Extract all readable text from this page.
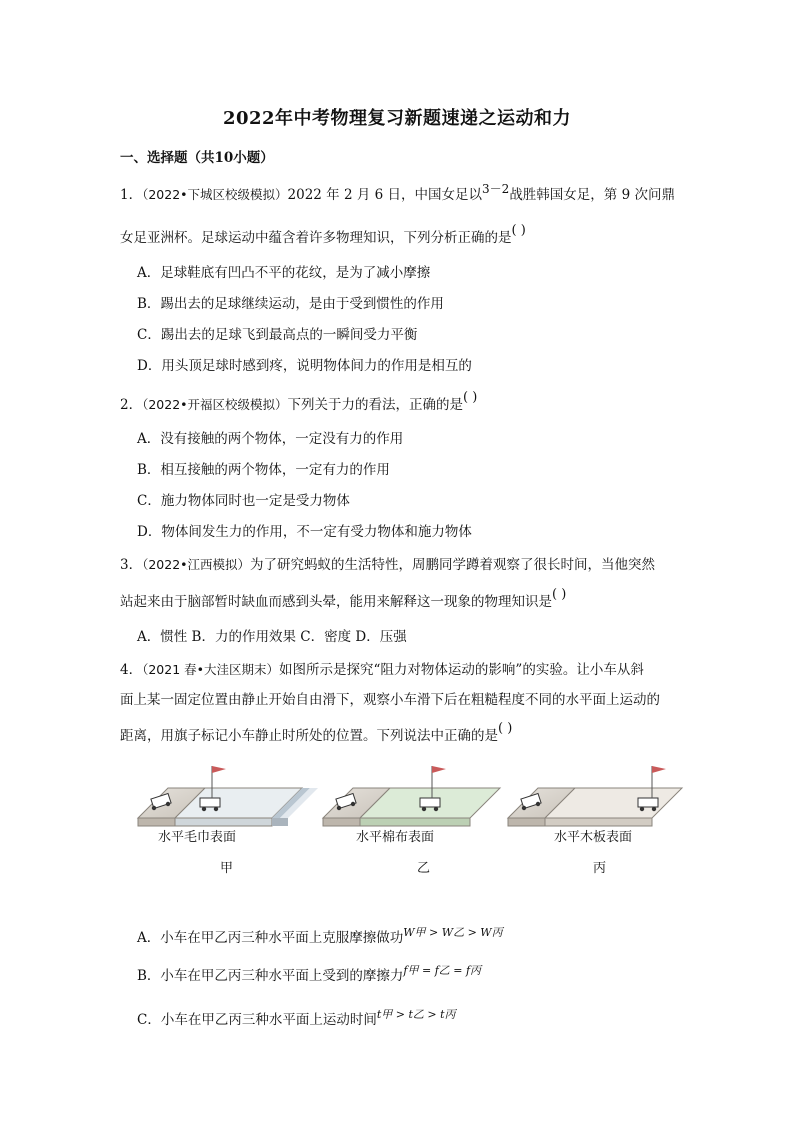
2022年中考物理复习新题速递之运动和力
一、选择题（共10小题）
1．（2022•下城区校级模拟）2022 年 2 月 6 日，中国女足以3－2战胜韩国女足，第 9 次问鼎
女足亚洲杯。足球运动中蕴含着许多物理知识，下列分析正确的是( )
A．足球鞋底有凹凸不平的花纹，是为了减小摩擦
B．踢出去的足球继续运动，是由于受到惯性的作用
C．踢出去的足球飞到最高点的一瞬间受力平衡
D．用头顶足球时感到疼，说明物体间力的作用是相互的
2．（2022•开福区校级模拟）下列关于力的看法，正确的是( )
A．没有接触的两个物体，一定没有力的作用
B．相互接触的两个物体，一定有力的作用
C．施力物体同时也一定是受力物体
D．物体间发生力的作用，不一定有受力物体和施力物体
3．（2022•江西模拟）为了研究蚂蚁的生活特性，周鹏同学蹲着观察了很长时间，当他突然
站起来由于脑部暂时缺血而感到头晕，能用来解释这一现象的物理知识是( )
A．惯性 B．力的作用效果 C．密度 D．压强
4．（2021 春•大洼区期末）如图所示是探究“阻力对物体运动的影响”的实验。让小车从斜
面上某一固定位置由静止开始自由滑下，观察小车滑下后在粗糙程度不同的水平面上运动的
距离，用旗子标记小车静止时所处的位置。下列说法中正确的是( )
水平毛巾表面	水平棉布表面	水平木板表面
甲	乙	丙
A．小车在甲乙丙三种水平面上克服摩擦做功$^{W甲 > W乙 > W丙}$
B．小车在甲乙丙三种水平面上受到的摩擦力$^{f甲 = f乙 = f丙}$
C．小车在甲乙丙三种水平面上运动时间$^{t甲 > t乙 > t丙}$
